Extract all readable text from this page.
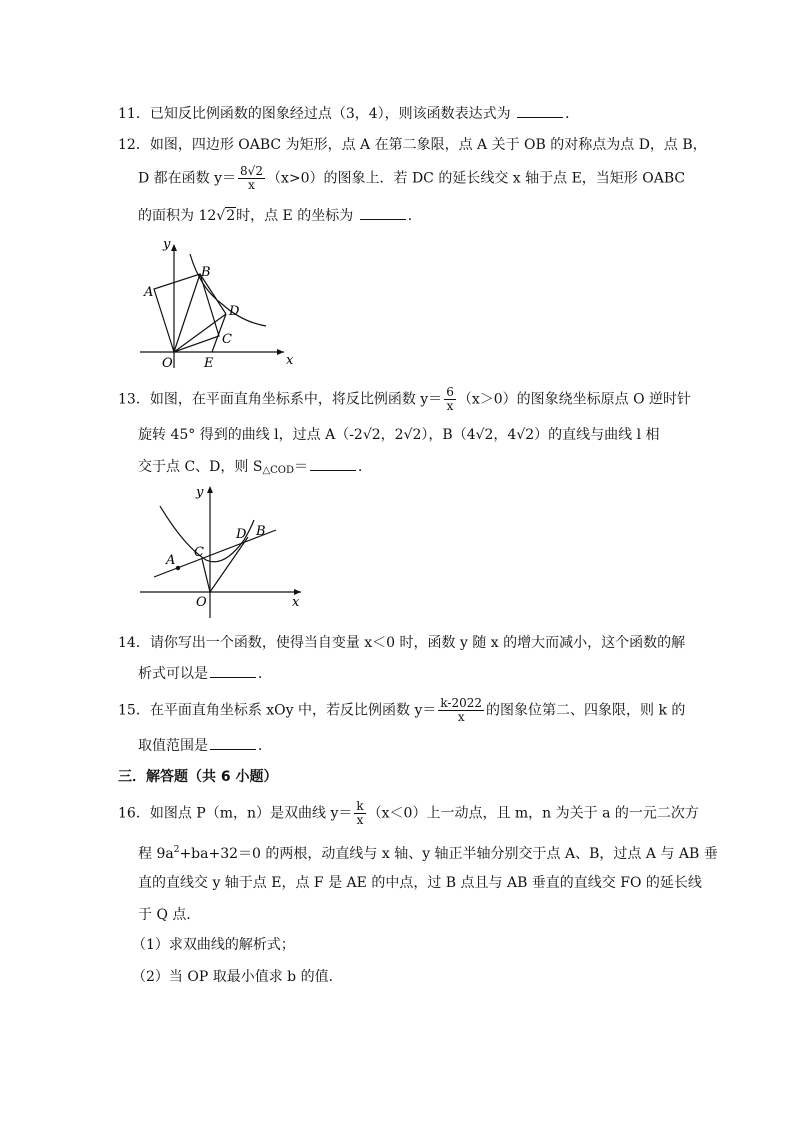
11．已知反比例函数的图象经过点（3，4），则该函数表达式为	．
12．如图，四边形 OABC 为矩形，点 A 在第二象限，点 A 关于 OB 的对称点为点 D，点 B，
D 都在函数 $y= \frac{8√2}{x} (x>0)$的图象上．若 DC 的延长线交 x 轴于点 E，当矩形 OABC
的面积为 12√2时，点 E 的坐标为	．
y
x
A
B
D
C
O E
13．如图，在平面直角坐标系中，将反比例函数 $y= \frac{6}{x} (x>0)$的图象绕坐标原点 O 逆时针
旋转 45° 得到的曲线 l，过点 A（-2√2，2√2），B（4√2，4√2）的直线与曲线 l 相
交于点 C、D，则 $S_{\triangle COD}=$	．
y
x
A
B
C
D
O
14．请你写出一个函数，使得当自变量 x＜0 时，函数 y 随 x 的增大而减小，这个函数的解
析式可以是	．
15．在平面直角坐标系 xOy 中，若反比例函数 $y= \frac{k-2022}{x}$ 的图象位第二、四象限，则 k 的
取值范围是	．
三．解答题（共 6 小题）
16．如图点 P（m，n）是双曲线 $y= \frac{k}{x} (x<0)$上一动点，且 m，n 为关于 a 的一元二次方
程 $9a^2+ba+32=0$ 的两根，动直线与 x 轴、y 轴正半轴分别交于点 A、B，过点 A 与 AB 垂
直的直线交 y 轴于点 E，点 F 是 AE 的中点，过 B 点且与 AB 垂直的直线交 FO 的延长线
于 Q 点．
（1）求双曲线的解析式；
（2）当 OP 取最小值求 b 的值．
